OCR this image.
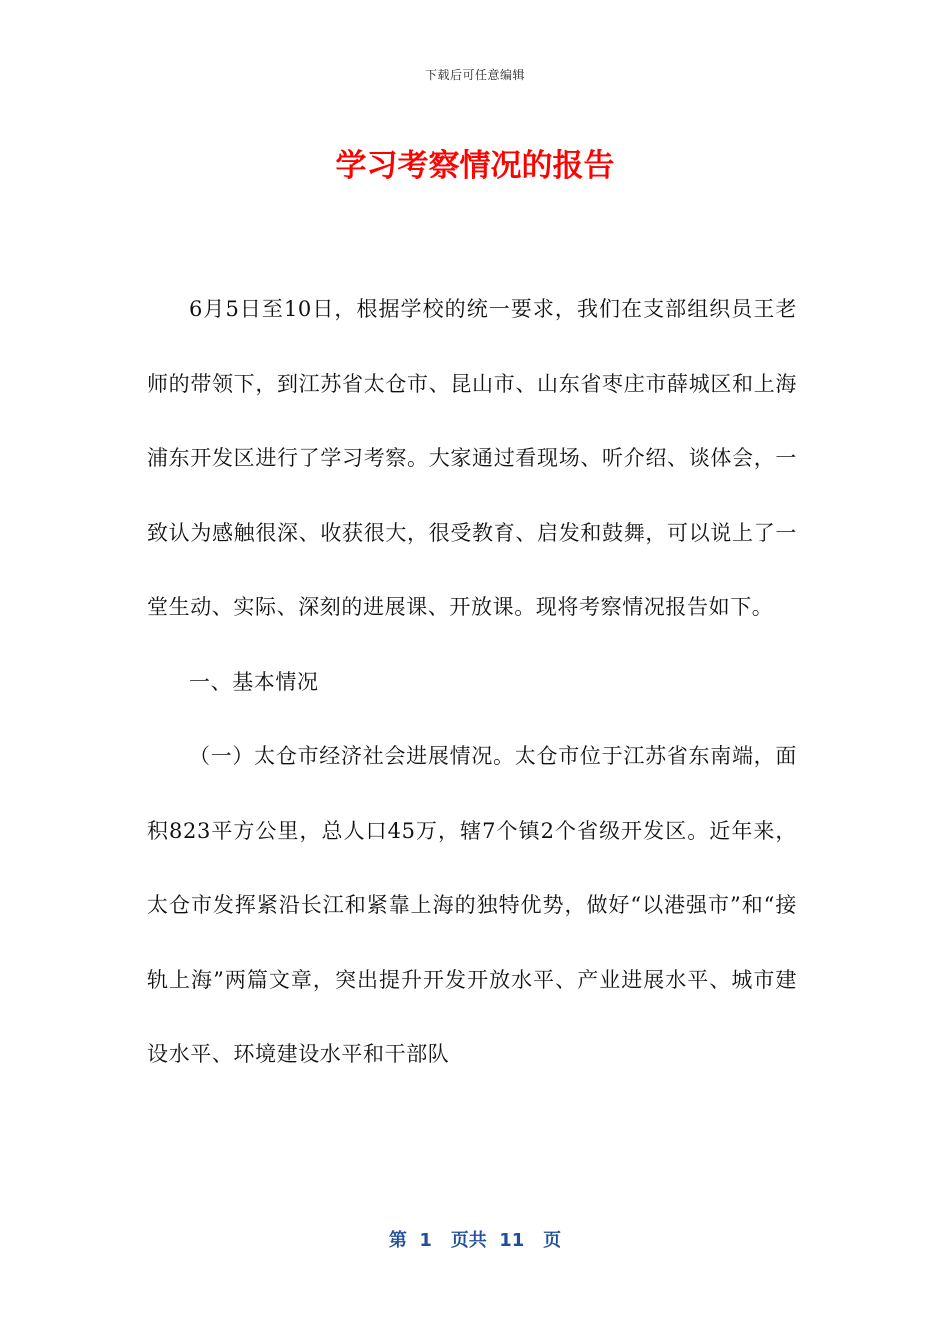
下载后可任意编辑
学习考察情况的报告

6月5日至10日，根据学校的统一要求，我们在支部组织员王老师的带领下，到江苏省太仓市、昆山市、山东省枣庄市薛城区和上海浦东开发区进行了学习考察。大家通过看现场、听介绍、谈体会，一致认为感触很深、收获很大，很受教育、启发和鼓舞，可以说上了一堂生动、实际、深刻的进展课、开放课。现将考察情况报告如下。

一、基本情况

（一）太仓市经济社会进展情况。太仓市位于江苏省东南端，面积823平方公里，总人口45万，辖7个镇2个省级开发区。近年来，太仓市发挥紧沿长江和紧靠上海的独特优势，做好“以港强市”和“接轨上海”两篇文章，突出提升开发开放水平、产业进展水平、城市建设水平、环境建设水平和干部队

第  1   页共  11   页
